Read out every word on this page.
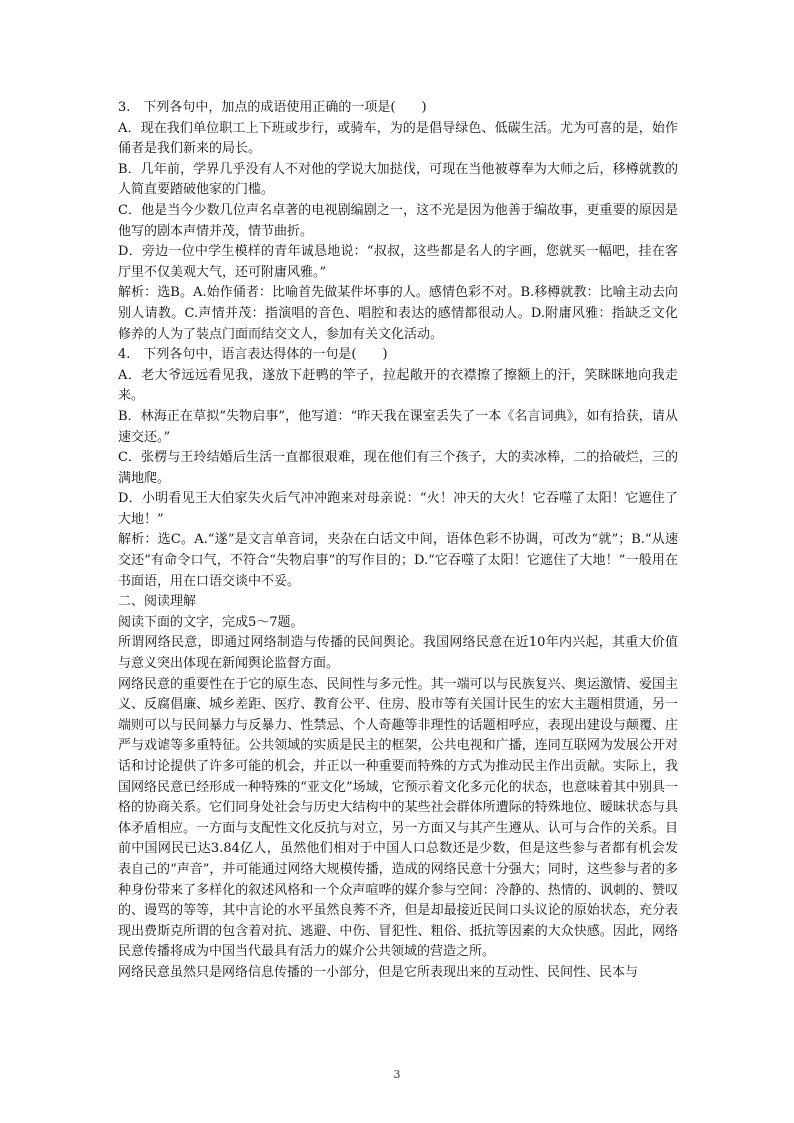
3.　下列各句中，加点的成语使用正确的一项是(　　)

A．现在我们单位职工上下班或步行，或骑车，为的是倡导绿色、低碳生活。尤为可喜的是，始作俑者是我们新来的局长。

B．几年前，学界几乎没有人不对他的学说大加挞伐，可现在当他被尊奉为大师之后，移樽就教的人简直要踏破他家的门槛。

C．他是当今少数几位声名卓著的电视剧编剧之一，这不光是因为他善于编故事，更重要的原因是他写的剧本声情并茂，情节曲折。

D．旁边一位中学生模样的青年诚恳地说：“叔叔，这些都是名人的字画，您就买一幅吧，挂在客厅里不仅美观大气，还可附庸风雅。”

解析：选B。A.始作俑者：比喻首先做某件坏事的人。感情色彩不对。B.移樽就教：比喻主动去向别人请教。C.声情并茂：指演唱的音色、唱腔和表达的感情都很动人。D.附庸风雅：指缺乏文化修养的人为了装点门面而结交文人，参加有关文化活动。

4.　下列各句中，语言表达得体的一句是(　　)

A．老大爷远远看见我，遂放下赶鸭的竿子，拉起敞开的衣襟擦了擦额上的汗，笑眯眯地向我走来。

B．林海正在草拟“失物启事”，他写道：“昨天我在课室丢失了一本《名言词典》，如有拾获，请从速交还。”

C．张楞与王玲结婚后生活一直都很艰难，现在他们有三个孩子，大的卖冰棒，二的拾破烂，三的满地爬。

D．小明看见王大伯家失火后气冲冲跑来对母亲说：“火！冲天的大火！它吞噬了太阳！它遮住了大地！”

解析：选C。A.“遂”是文言单音词，夹杂在白话文中间，语体色彩不协调，可改为“就”；B.“从速交还”有命令口气，不符合“失物启事”的写作目的；D.“它吞噬了太阳！它遮住了大地！”一般用在书面语，用在口语交谈中不妥。

二、阅读理解

阅读下面的文字，完成5～7题。

所谓网络民意，即通过网络制造与传播的民间舆论。我国网络民意在近10年内兴起，其重大价值与意义突出体现在新闻舆论监督方面。

网络民意的重要性在于它的原生态、民间性与多元性。其一端可以与民族复兴、奥运激情、爱国主义、反腐倡廉、城乡差距、医疗、教育公平、住房、股市等有关国计民生的宏大主题相贯通，另一端则可以与民间暴力与反暴力、性禁忌、个人奇趣等非理性的话题相呼应，表现出建设与颠覆、庄严与戏谑等多重特征。公共领域的实质是民主的框架，公共电视和广播，连同互联网为发展公开对话和讨论提供了许多可能的机会，并正以一种重要而特殊的方式为推动民主作出贡献。实际上，我国网络民意已经形成一种特殊的“亚文化”场域，它预示着文化多元化的状态，也意味着其中别具一格的协商关系。它们同身处社会与历史大结构中的某些社会群体所遭际的特殊地位、暧昧状态与具体矛盾相应。一方面与支配性文化反抗与对立，另一方面又与其产生遵从、认可与合作的关系。目前中国网民已达3.84亿人，虽然他们相对于中国人口总数还是少数，但是这些参与者都有机会发表自己的“声音”，并可能通过网络大规模传播，造成的网络民意十分强大；同时，这些参与者的多种身份带来了多样化的叙述风格和一个众声喧哗的媒介参与空间：冷静的、热情的、讽刺的、赞叹的、谩骂的等等，其中言论的水平虽然良莠不齐，但是却最接近民间口头议论的原始状态，充分表现出费斯克所谓的包含着对抗、逃避、中伤、冒犯性、粗俗、抵抗等因素的大众快感。因此，网络民意传播将成为中国当代最具有活力的媒介公共领域的营造之所。

网络民意虽然只是网络信息传播的一小部分，但是它所表现出来的互动性、民间性、民本与

3
